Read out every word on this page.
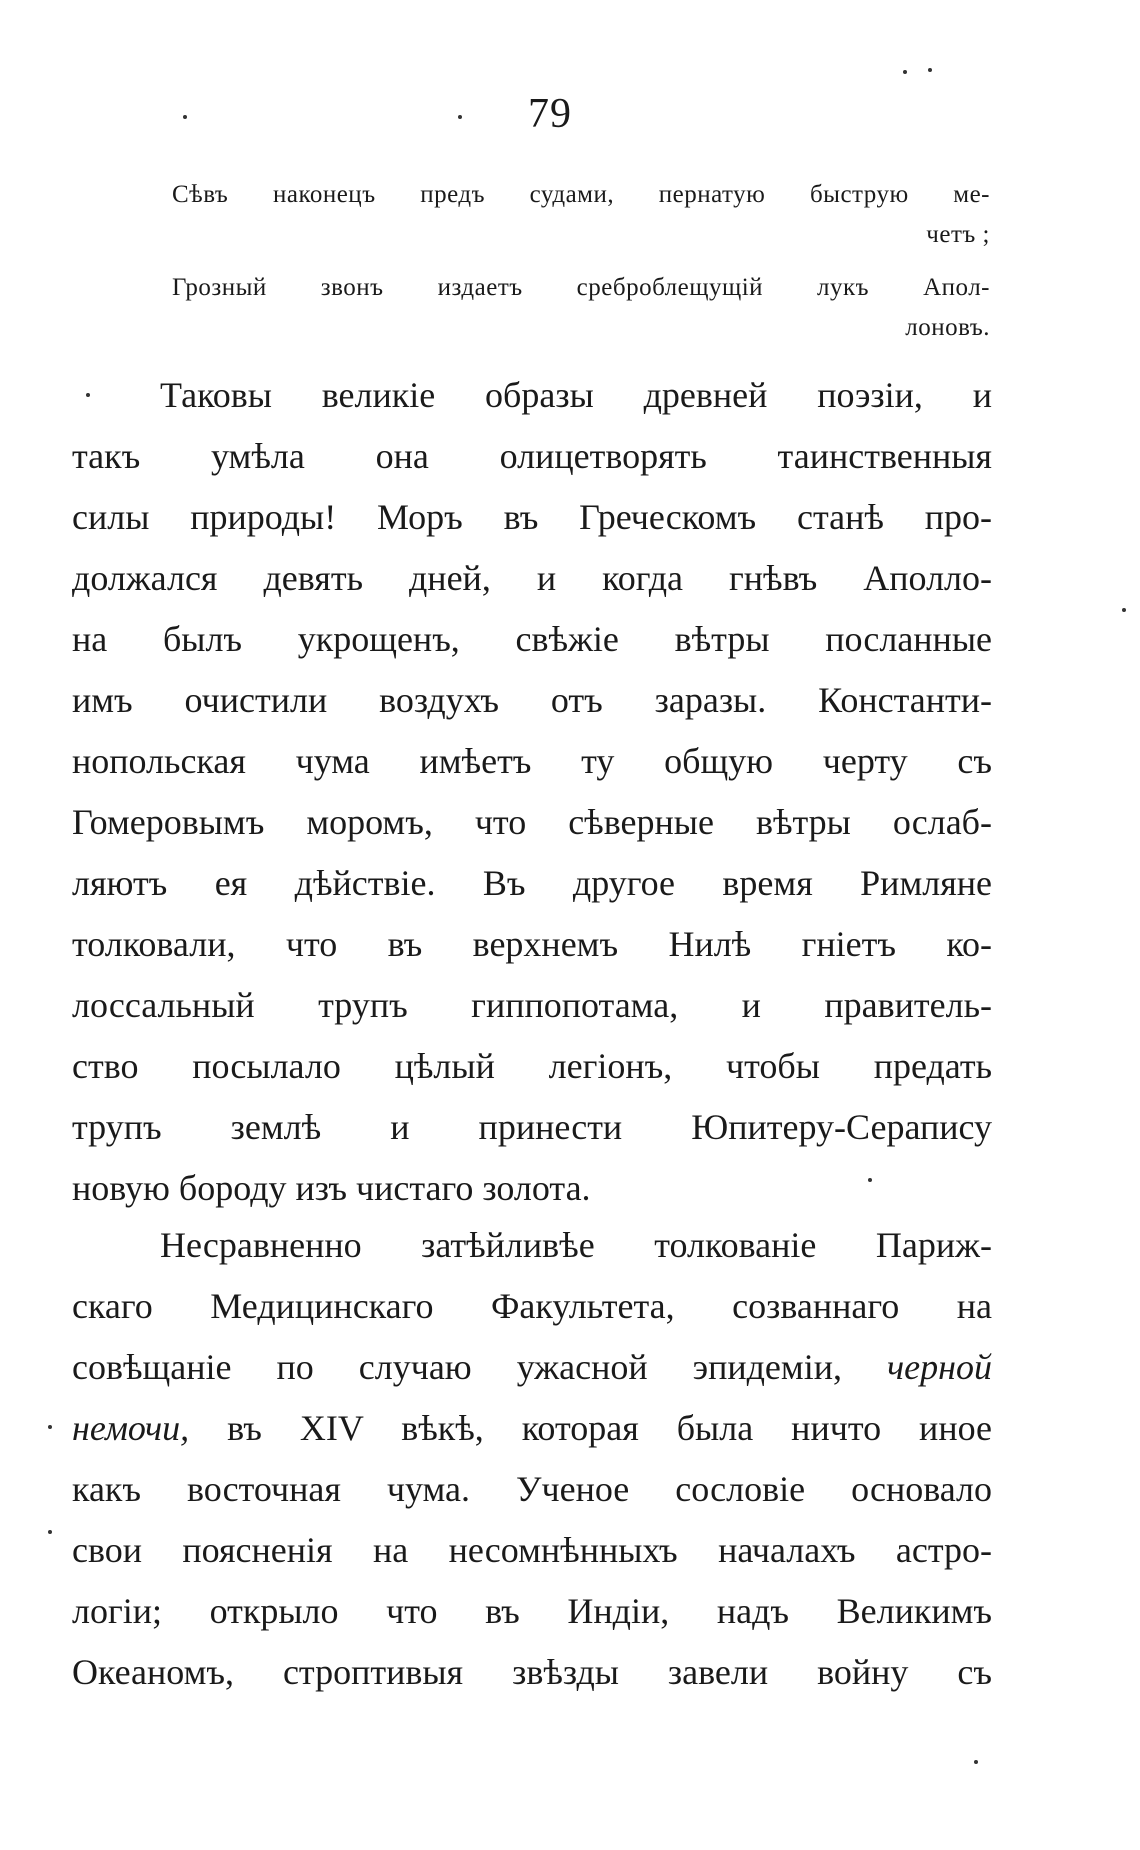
79
Сѣвъ наконецъ предъ судами, пернатую быструю ме-
четъ ;
Грозный звонъ издаетъ среброблещущій лукъ Апол-
лоновъ.
Таковы великіе образы древней поэзіи, и
такъ умѣла она олицетворять таинственныя
силы природы! Моръ въ Греческомъ станѣ про-
должался девять дней, и когда гнѣвъ Аполло-
на былъ укрощенъ, свѣжіе вѣтры посланные
имъ очистили воздухъ отъ заразы. Константи-
нопольская чума имѣетъ ту общую черту съ
Гомеровымъ моромъ, что сѣверные вѣтры ослаб-
ляютъ ея дѣйствіе. Въ другое время Римляне
толковали, что въ верхнемъ Нилѣ гніетъ ко-
лоссальный трупъ гиппопотама, и правитель-
ство посылало цѣлый легіонъ, чтобы предать
трупъ землѣ и принести Юпитеру-Серапису
новую бороду изъ чистаго золота.
Несравненно затѣйливѣе толкованіе Париж-
скаго Медицинскаго Факультета, созваннаго на
совѣщаніе по случаю ужасной эпидеміи, черной
немочи, въ XIV вѣкѣ, которая была ничто иное
какъ восточная чума. Ученое сословіе основало
свои поясненія на несомнѣнныхъ началахъ астро-
логіи; открыло что въ Индіи, надъ Великимъ
Океаномъ, строптивыя звѣзды завели войну съ
